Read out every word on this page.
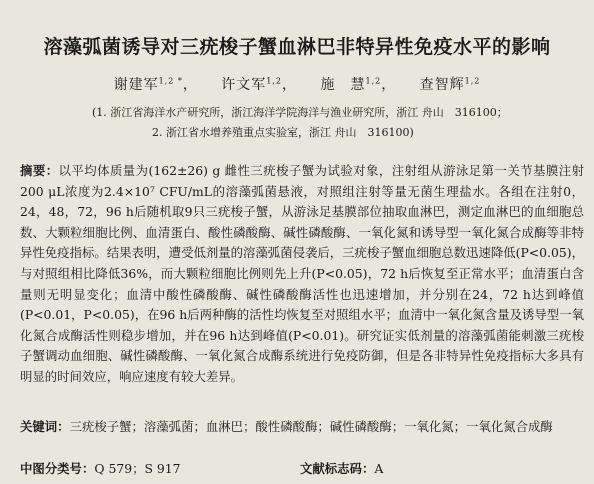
溶藻弧菌诱导对三疣梭子蟹血淋巴非特异性免疫水平的影响
谢建军$^{1,2 *}$， 许文军$^{1,2}$， 施　慧$^{1,2}$， 查智辉$^{1,2}$
(1. 浙江省海洋水产研究所，浙江海洋学院海洋与渔业研究所，浙江 舟山　316100；
2. 浙江省水增养殖重点实验室，浙江 舟山　316100)
摘要：以平均体质量为(162±26) g 雌性三疣梭子蟹为试验对象，注射组从游泳足第一关节基膜注射200 μL浓度为2.4×10⁷ CFU/mL的溶藻弧菌悬液，对照组注射等量无菌生理盐水。各组在注射0，24，48，72，96 h后随机取9只三疣梭子蟹，从游泳足基膜部位抽取血淋巴，测定血淋巴的血细胞总数、大颗粒细胞比例、血清蛋白、酸性磷酸酶、碱性磷酸酶、一氧化氮和诱导型一氧化氮合成酶等非特异性免疫指标。结果表明，遭受低剂量的溶藻弧菌侵袭后，三疣梭子蟹血细胞总数迅速降低(P<0.05)，与对照组相比降低36%，而大颗粒细胞比例则先上升(P<0.05)，72 h后恢复至正常水平；血清蛋白含量则无明显变化；血清中酸性磷酸酶、碱性磷酸酶活性也迅速增加，并分别在24，72 h达到峰值(P<0.01，P<0.05)，在96 h后两种酶的活性均恢复至对照组水平；血清中一氧化氮含量及诱导型一氧化氮合成酶活性则稳步增加，并在96 h达到峰值(P<0.01)。研究证实低剂量的溶藻弧菌能刺激三疣梭子蟹调动血细胞、碱性磷酸酶、一氧化氮合成酶系统进行免疫防御，但是各非特异性免疫指标大多具有明显的时间效应，响应速度有较大差异。
关键词：三疣梭子蟹；溶藻弧菌；血淋巴；酸性磷酸酶；碱性磷酸酶；一氧化氮；一氧化氮合成酶
中图分类号：Q 579；S 917	文献标志码：A
